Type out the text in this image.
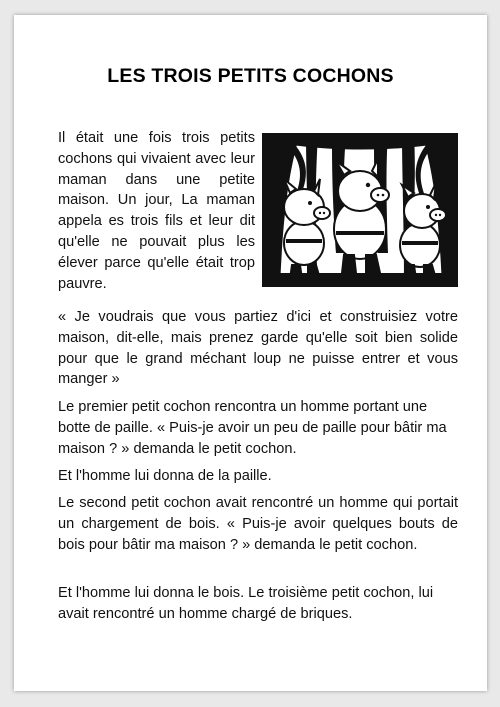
LES TROIS PETITS COCHONS

Il était une fois trois petits cochons qui vivaient avec leur maman dans une petite maison. Un jour, La maman appela es trois fils et leur dit qu'elle ne pouvait plus les élever parce qu'elle était trop pauvre.

« Je voudrais que vous partiez d'ici et construisiez votre maison, dit-elle, mais prenez garde qu'elle soit bien solide pour que le grand méchant loup ne puisse entrer et vous manger »

Le premier petit cochon rencontra un homme portant une botte de paille. « Puis-je avoir un peu de paille pour bâtir ma maison ? » demanda le petit cochon.

Et l'homme lui donna de la paille.

Le second petit cochon avait rencontré un homme qui portait un chargement de bois. « Puis-je avoir quelques bouts de bois pour bâtir ma maison ? » demanda le petit cochon.

Et l'homme lui donna le bois. Le troisième petit cochon, lui avait rencontré un homme chargé de briques.
